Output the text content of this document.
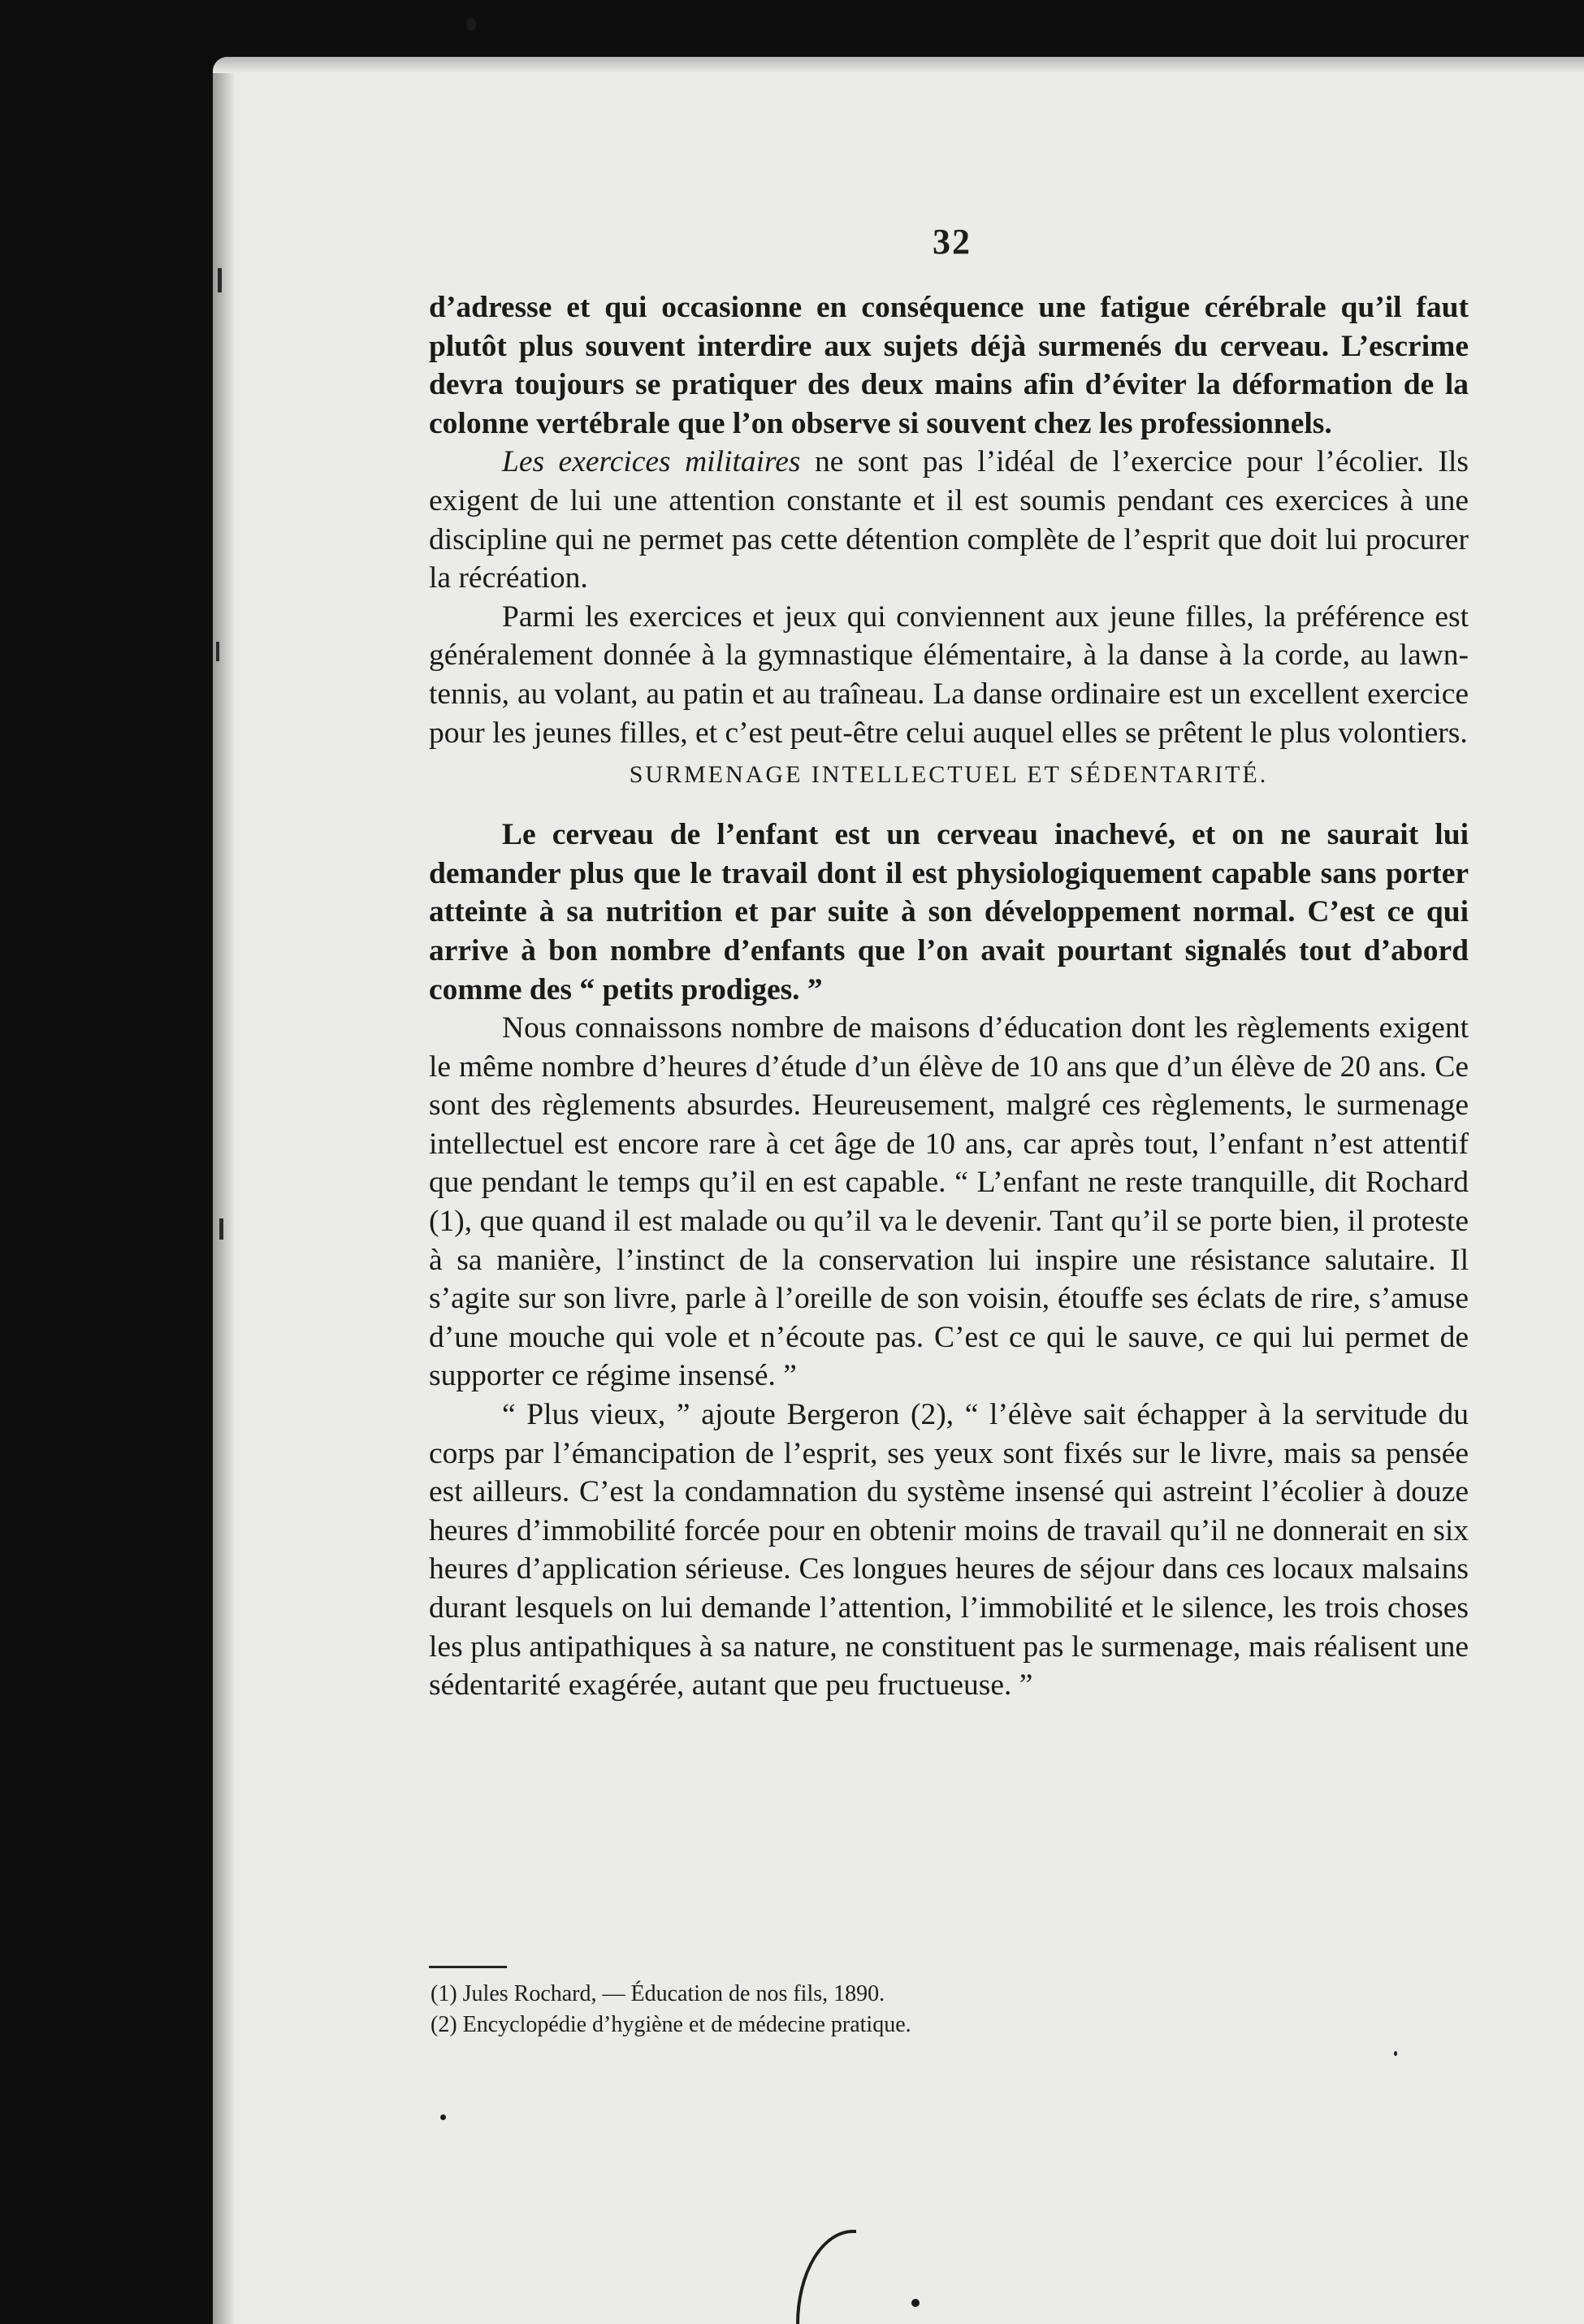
32

d’adresse et qui occasionne en conséquence une fatigue cérébrale qu’il faut plutôt plus souvent interdire aux sujets déjà surmenés du cerveau. L’escrime devra toujours se pratiquer des deux mains afin d’éviter la déformation de la colonne vertébrale que l’on observe si souvent chez les professionnels.

Les exercices militaires ne sont pas l’idéal de l’exercice pour l’écolier. Ils exigent de lui une attention constante et il est soumis pendant ces exercices à une discipline qui ne permet pas cette détention complète de l’esprit que doit lui procurer la récréation.

Parmi les exercices et jeux qui conviennent aux jeune filles, la préférence est généralement donnée à la gymnastique élémentaire, à la danse à la corde, au lawn-tennis, au volant, au patin et au traîneau. La danse ordinaire est un excellent exercice pour les jeunes filles, et c’est peut-être celui auquel elles se prêtent le plus volontiers.

SURMENAGE INTELLECTUEL ET SÉDENTARITÉ.

Le cerveau de l’enfant est un cerveau inachevé, et on ne saurait lui demander plus que le travail dont il est physiologiquement capable sans porter atteinte à sa nutrition et par suite à son développement normal. C’est ce qui arrive à bon nombre d’enfants que l’on avait pourtant signalés tout d’abord comme des “ petits prodiges. ”

Nous connaissons nombre de maisons d’éducation dont les règlements exigent le même nombre d’heures d’étude d’un élève de 10 ans que d’un élève de 20 ans. Ce sont des règlements absurdes. Heureusement, malgré ces règlements, le surmenage intellectuel est encore rare à cet âge de 10 ans, car après tout, l’enfant n’est attentif que pendant le temps qu’il en est capable. “ L’enfant ne reste tranquille, dit Rochard (1), que quand il est malade ou qu’il va le devenir. Tant qu’il se porte bien, il proteste à sa manière, l’instinct de la conservation lui inspire une résistance salutaire. Il s’agite sur son livre, parle à l’oreille de son voisin, étouffe ses éclats de rire, s’amuse d’une mouche qui vole et n’écoute pas. C’est ce qui le sauve, ce qui lui permet de supporter ce régime insensé. ”

“ Plus vieux, ” ajoute Bergeron (2), “ l’élève sait échapper à la servitude du corps par l’émancipation de l’esprit, ses yeux sont fixés sur le livre, mais sa pensée est ailleurs. C’est la condamnation du système insensé qui astreint l’écolier à douze heures d’immobilité forcée pour en obtenir moins de travail qu’il ne donnerait en six heures d’application sérieuse. Ces longues heures de séjour dans ces locaux malsains durant lesquels on lui demande l’attention, l’immobilité et le silence, les trois choses les plus antipathiques à sa nature, ne constituent pas le surmenage, mais réalisent une sédentarité exagérée, autant que peu fructueuse. ”

(1) Jules Rochard, — Éducation de nos fils, 1890.
(2) Encyclopédie d’hygiène et de médecine pratique.
